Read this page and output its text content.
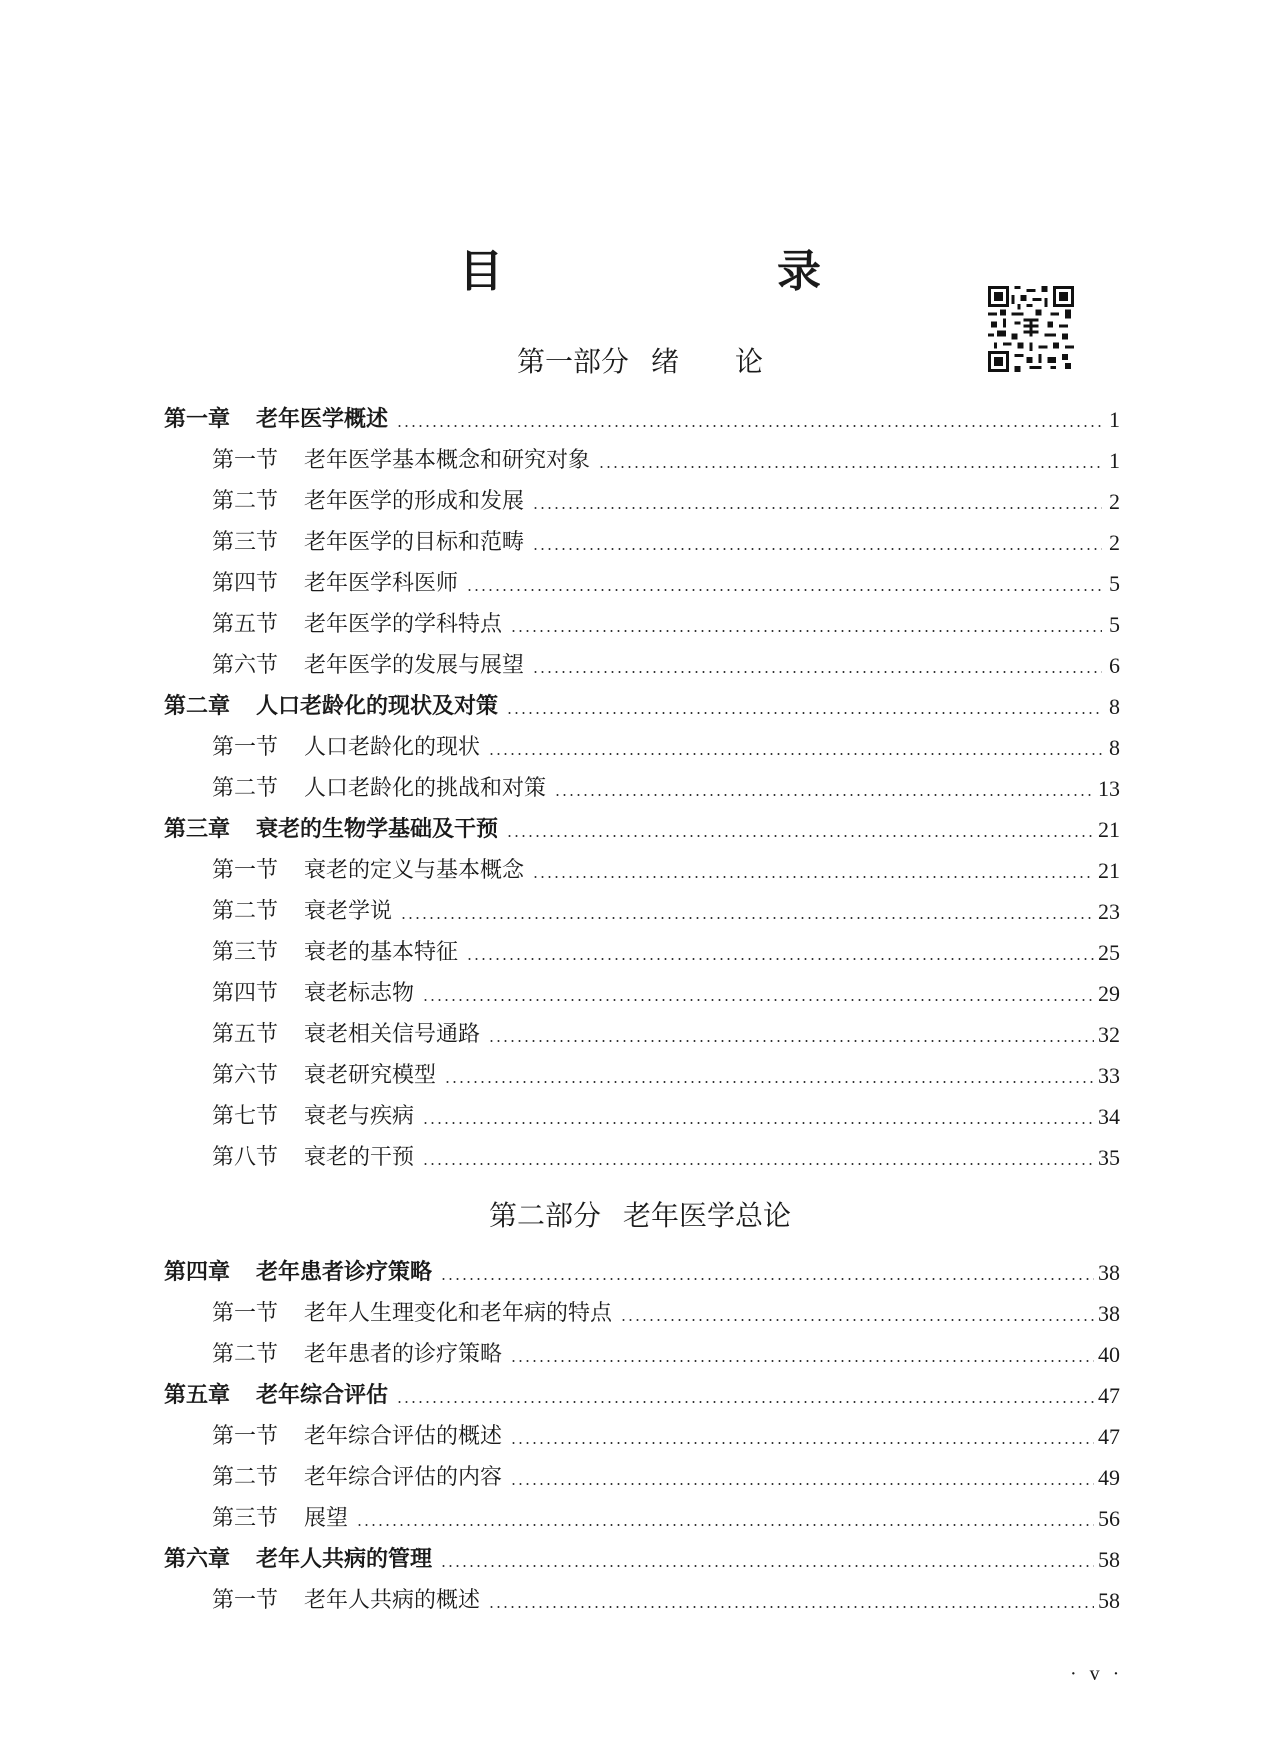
目　　录
第一部分 绪 论
第一章 老年医学概述	1
第一节 老年医学基本概念和研究对象	1
第二节 老年医学的形成和发展	2
第三节 老年医学的目标和范畴	2
第四节 老年医学科医师	5
第五节 老年医学的学科特点	5
第六节 老年医学的发展与展望	6
第二章 人口老龄化的现状及对策	8
第一节 人口老龄化的现状	8
第二节 人口老龄化的挑战和对策	13
第三章 衰老的生物学基础及干预	21
第一节 衰老的定义与基本概念	21
第二节 衰老学说	23
第三节 衰老的基本特征	25
第四节 衰老标志物	29
第五节 衰老相关信号通路	32
第六节 衰老研究模型	33
第七节 衰老与疾病	34
第八节 衰老的干预	35
第二部分 老年医学总论
第四章 老年患者诊疗策略	38
第一节 老年人生理变化和老年病的特点	38
第二节 老年患者的诊疗策略	40
第五章 老年综合评估	47
第一节 老年综合评估的概述	47
第二节 老年综合评估的内容	49
第三节 展望	56
第六章 老年人共病的管理	58
第一节 老年人共病的概述	58
· v ·
